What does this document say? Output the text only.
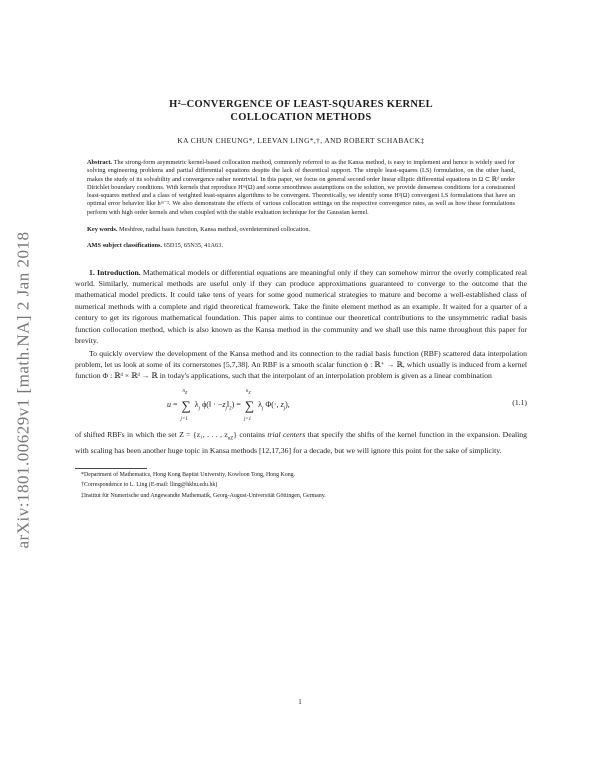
arXiv:1801.00629v1 [math.NA] 2 Jan 2018
H²–CONVERGENCE OF LEAST-SQUARES KERNEL
COLLOCATION METHODS
KA CHUN CHEUNG*, LEEVAN LING*,†, AND ROBERT SCHABACK‡
Abstract. The strong-form asymmetric kernel-based collocation method, commonly referred to as the Kansa method, is easy to implement and hence is widely used for solving engineering problems and partial differential equations despite the lack of theoretical support. The simple least-squares (LS) formulation, on the other hand, makes the study of its solvability and convergence rather nontrivial. In this paper, we focus on general second order linear elliptic differential equations in Ω ⊂ ℝᵈ under Dirichlet boundary conditions. With kernels that reproduce Hᵐ(Ω) and some smoothness assumptions on the solution, we provide denseness conditions for a constrained least-squares method and a class of weighted least-squares algorithms to be convergent. Theoretically, we identify some H²(Ω) convergent LS formulations that have an optimal error behavior like hᵐ⁻². We also demonstrate the effects of various collocation settings on the respective convergence rates, as well as how these formulations perform with high order kernels and when coupled with the stable evaluation technique for the Gaussian kernel.
Key words. Meshfree, radial basis function, Kansa method, overdetermined collocation.
AMS subject classifications. 65D15, 65N35, 41A63.

1. Introduction. Mathematical models or differential equations are meaningful only if they can somehow mirror the overly complicated real world. Similarly, numerical methods are useful only if they can produce approximations guaranteed to converge to the outcome that the mathematical model predicts. It could take tens of years for some good numerical strategies to mature and become a well-established class of numerical methods with a complete and rigid theoretical framework. Take the finite element method as an example. It waited for a quarter of a century to get its rigorous mathematical foundation. This paper aims to continue our theoretical contributions to the unsymmetric radial basis function collocation method, which is also known as the Kansa method in the community and we shall use this name throughout this paper for brevity.

To quickly overview the development of the Kansa method and its connection to the radial basis function (RBF) scattered data interpolation problem, let us look at some of its cornerstones [5,7,38]. An RBF is a smooth scalar function ϕ : ℝ⁺ → ℝ, which usually is induced from a kernel function Φ : ℝᵈ × ℝᵈ → ℝ in today's applications, such that the interpolant of an interpolation problem is given as a linear combination

u = ∑
$n_Z$
j=1
$\lambda_j$ ϕ(‖ · $-z_j‖_2$) = ∑
$n_Z$
j=1
$\lambda_j$ Φ(·, $z_j$),	(1.1)

of shifted RBFs in which the set Z = {z₁, . . . , $z_{nZ}$} contains trial centers that specify the shifts of the kernel function in the expansion. Dealing with scaling has been another huge topic in Kansa methods [12,17,36] for a decade, but we will ignore this point for the sake of simplicity.

*Department of Mathematics, Hong Kong Baptist University, Kowloon Tong, Hong Kong.
†Correspondence to L. Ling (E-mail: lling@hkbu.edu.hk)
‡Institut für Numerische und Angewandte Mathematik, Georg-August-Universität Göttingen, Germany.
1
